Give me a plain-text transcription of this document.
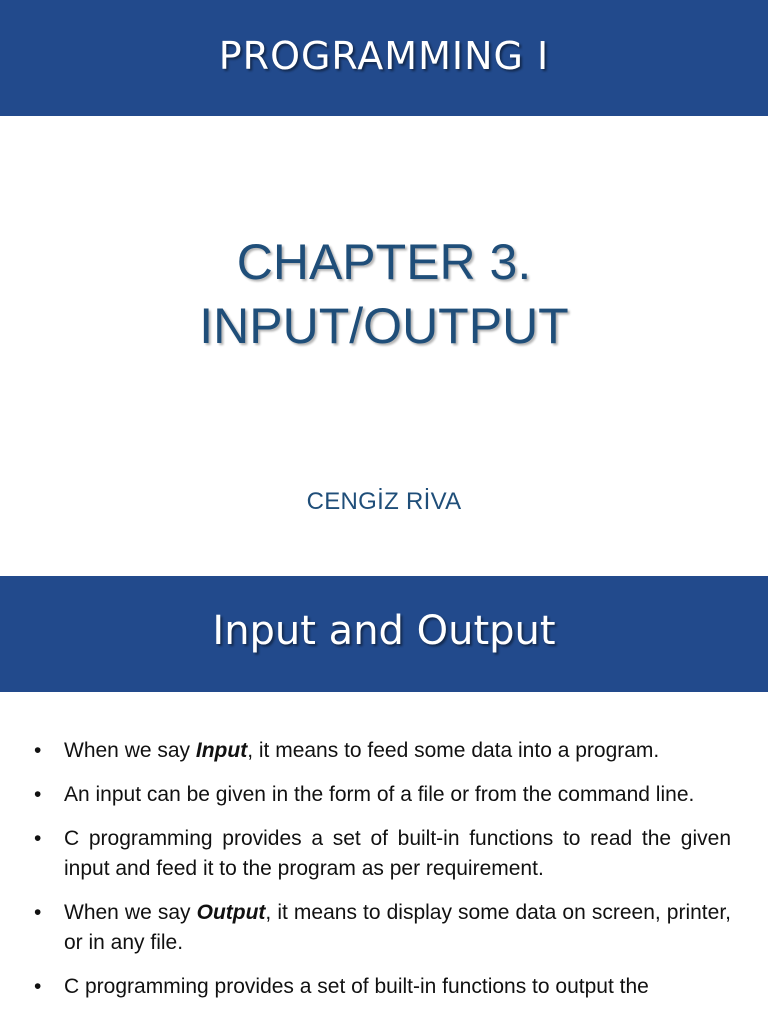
PROGRAMMING I
CHAPTER 3.
INPUT/OUTPUT
CENGİZ RİVA
Input and Output
• When we say Input, it means to feed some data into a program.
• An input can be given in the form of a file or from the command line.
• C programming provides a set of built-in functions to read the given input and feed it to the program as per requirement.
• When we say Output, it means to display some data on screen, printer, or in any file.
• C programming provides a set of built-in functions to output the
